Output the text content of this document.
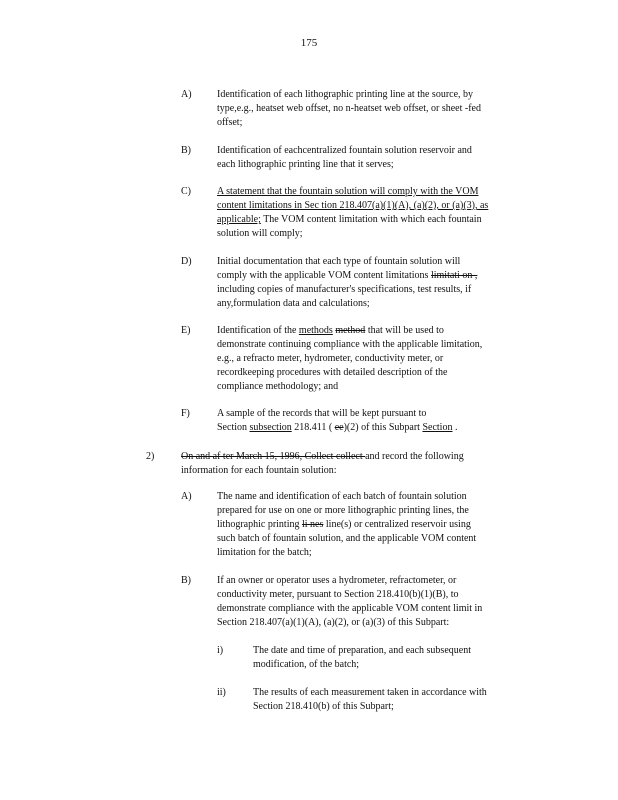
175
A)	Identification of each lithographic printing line at the source, by
type,e.g., heatset web offset, no n-heatset web offset, or sheet -fed
offset;
B)	Identification of eachcentralized fountain solution reservoir and
each lithographic printing line that it serves;
C)	A statement that the fountain solution will comply with the VOM
content limitations in Sec tion 218.407(a)(1)(A), (a)(2), or (a)(3), as
applicable; The VOM content limitation with which each fountain
solution will comply;
D)	Initial documentation that each type of fountain solution will
comply with the applicable VOM content limitations limitati on ,
including copies of manufacturer's specifications, test results, if
any,formulation data and calculations;
E)	Identification of the methods method that will be used to
demonstrate continuing compliance with the applicable limitation,
e.g., a refracto meter, hydrometer, conductivity meter, or
recordkeeping procedures with detailed description of the
compliance methodology; and
F)	A sample of the records that will be kept pursuant to
Section subsection 218.411 ( ee)(2) of this Subpart Section .
2)	On and af ter March 15, 1996, Collect collect and record the following
information for each fountain solution:
A)	The name and identification of each batch of fountain solution
prepared for use on one or more lithographic printing lines, the
lithographic printing li nes line(s) or centralized reservoir using
such batch of fountain solution, and the applicable VOM content
limitation for the batch;
B)	If an owner or operator uses a hydrometer, refractometer, or
conductivity meter, pursuant to Section 218.410(b)(1)(B), to
demonstrate compliance with the applicable VOM content limit in
Section 218.407(a)(1)(A), (a)(2), or (a)(3) of this Subpart:
i)	The date and time of preparation, and each subsequent
modification, of the batch;
ii)	The results of each measurement taken in accordance with
Section 218.410(b) of this Subpart;
